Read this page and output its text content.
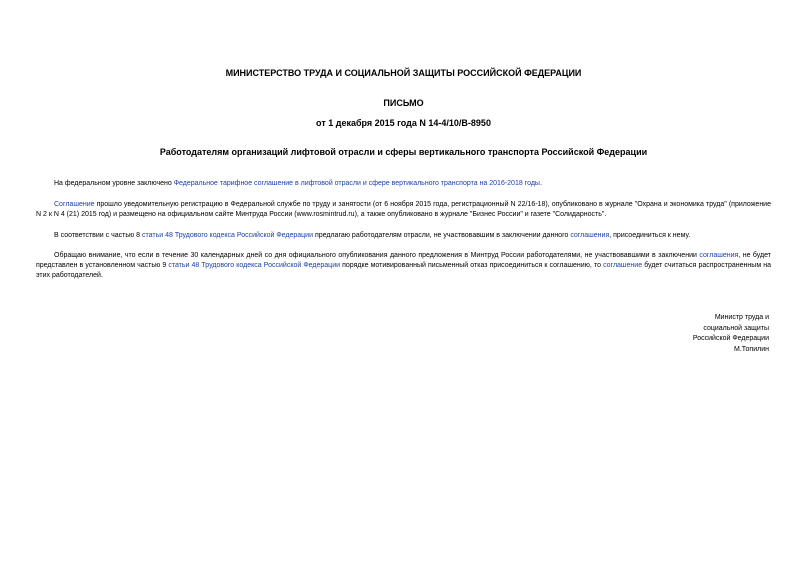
МИНИСТЕРСТВО ТРУДА И СОЦИАЛЬНОЙ ЗАЩИТЫ РОССИЙСКОЙ ФЕДЕРАЦИИ
ПИСЬМО
от 1 декабря 2015 года N 14-4/10/В-8950
Работодателям организаций лифтовой отрасли и сферы вертикального транспорта Российской Федерации
На федеральном уровне заключено Федеральное тарифное соглашение в лифтовой отрасли и сфере вертикального транспорта на 2016-2018 годы.
Соглашение прошло уведомительную регистрацию в Федеральной службе по труду и занятости (от 6 ноября 2015 года, регистрационный N 22/16-18), опубликовано в журнале "Охрана и экономика труда" (приложение N 2 к N 4 (21) 2015 год) и размещено на официальном сайте Минтруда России (www.rosmintrud.ru), а также опубликовано в журнале "Бизнес России" и газете "Солидарность".
В соответствии с частью 8 статьи 48 Трудового кодекса Российской Федерации предлагаю работодателям отрасли, не участвовавшим в заключении данного соглашения, присоединиться к нему.
Обращаю внимание, что если в течение 30 календарных дней со дня официального опубликования данного предложения в Минтруд России работодателями, не участвовавшими в заключении соглашения, не будет представлен в установленном частью 9 статьи 48 Трудового кодекса Российской Федерации порядке мотивированный письменный отказ присоединиться к соглашению, то соглашение будет считаться распространенным на этих работодателей.
Министр труда и
социальной защиты
Российской Федерации
М.Топилин
